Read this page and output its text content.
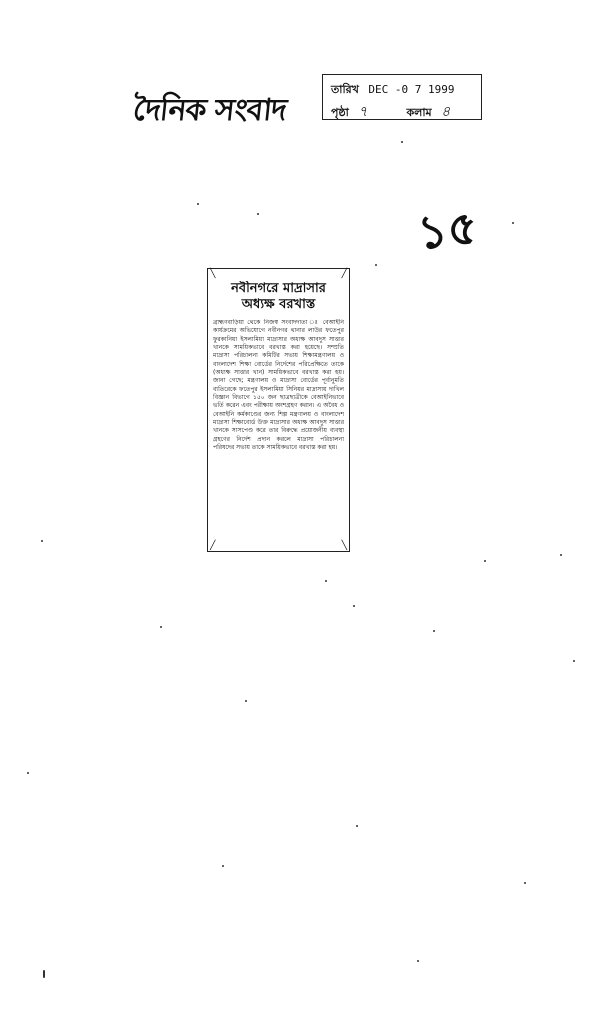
দৈনিক সংবাদ
তারিখ DEC -0 7 1999
পৃষ্ঠা ৭	কলাম ৪
১৫
╲	╱
╱	╲
নবীনগরে মাদ্রাসার
অধ্যক্ষ বরখাস্ত
ব্রাহ্মণবাড়িয়া থেকে নিজস্ব সংবাদদাতা ঃ বেআইনি কার্যক্রমের অভিযোগে নবীনগর থানার লাউর ফতেপুর ফুরকানিয়া ইসলামিয়া মাদ্রাসার অধ্যক্ষ আবদুস সাত্তার খানকে সাময়িকভাবে বরখাস্ত করা হয়েছে। সম্প্রতি মাদ্রাসা পরিচালনা কমিটির সভায় শিক্ষামন্ত্রণালয় ও বাংলাদেশ শিক্ষা বোর্ডের নির্দেশের পরিপ্রেক্ষিতে তাকে (অধ্যক্ষ সাত্তার খান) সাময়িকভাবে বরখাস্ত করা হয়। জানা গেছে; মন্ত্রণালয় ও মাদ্রাসা বোর্ডের পূর্বানুমতি ব্যতিরেকে ফতেপুর ইসলামিয়া সিনিয়র মাদ্রাসায় দাখিল বিজ্ঞান বিভাগে ১৫০ জন ছাত্রছাত্রীকে বেআইনিভাবে ভর্তি করেন এবং পরীক্ষায় অংশগ্রহণ করান। এ অবৈধ ও বেআইনি কর্মকাণ্ডের জন্য শিল্প মন্ত্রণালয় ও বাংলাদেশ মাদ্রাসা শিক্ষাবোর্ড উক্ত মাদ্রাসার অধ্যক্ষ আবদুস সাত্তার খানকে সাসপেণ্ড করে তার বিরুদ্ধে প্রয়োজনীয় ব্যবস্থা গ্রহণের নির্দেশ প্রদান করলে মাদ্রাসা পরিচালনা পরিষদের সভায় তাকে সাময়িকভাবে বরখাস্ত করা হয়।
